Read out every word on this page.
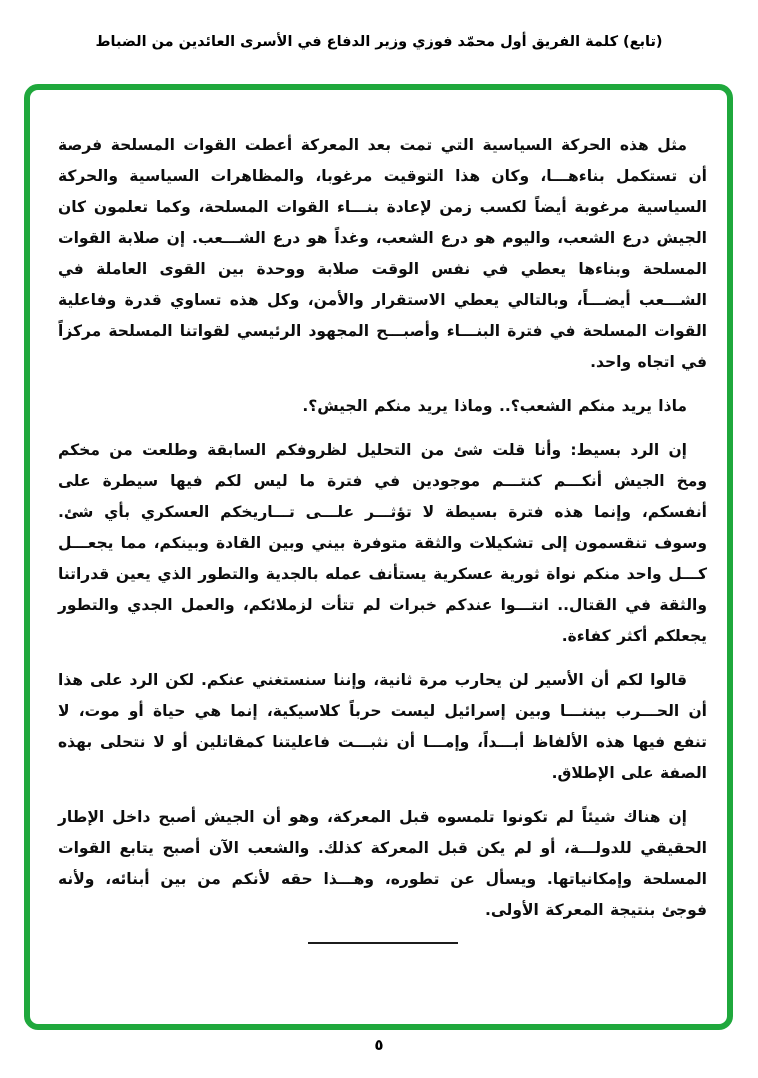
(تابع) كلمة الفريق أول محمّد فوزي وزير الدفاع في الأسرى العائدين من الضباط

مثل هذه الحركة السياسية التي تمت بعد المعركة أعطت القوات المسلحة فرصة أن تستكمل بناءهـــا، وكان هذا التوقيت مرغوبا، والمظاهرات السياسية والحركة السياسية مرغوبة أيضاً لكسب زمن لإعادة بنـــاء القوات المسلحة، وكما تعلمون كان الجيش درع الشعب، واليوم هو درع الشعب، وغداً هو درع الشـــعب. إن صلابة القوات المسلحة وبناءها يعطي في نفس الوقت صلابة ووحدة بين القوى العاملة في الشـــعب أيضـــاً، وبالتالي يعطي الاستقرار والأمن، وكل هذه تساوي قدرة وفاعلية القوات المسلحة في فترة البنـــاء وأصبـــح المجهود الرئيسي لقواتنا المسلحة مركزاً في اتجاه واحد.

ماذا يريد منكم الشعب؟.. وماذا يريد منكم الجيش؟.

إن الرد بسيط: وأنا قلت شئ من التحليل لظروفكم السابقة وطلعت من مخكم ومخ الجيش أنكـــم كنتـــم موجودين في فترة ما ليس لكم فيها سيطرة على أنفسكم، وإنما هذه فترة بسيطة لا تؤثـــر علـــى تـــاريخكم العسكري بأي شئ. وسوف تنقسمون إلى تشكيلات والثقة متوفرة بيني وبين القادة وبينكم، مما يجعـــل كـــل واحد منكم نواة ثورية عسكرية يستأنف عمله بالجدية والتطور الذي يعين قدراتنا والثقة في القتال.. انتـــوا عندكم خبرات لم تتأت لزملائكم، والعمل الجدي والتطور يجعلكم أكثر كفاءة.

قالوا لكم أن الأسير لن يحارب مرة ثانية، وإننا سنستغني عنكم. لكن الرد على هذا أن الحـــرب بيننـــا وبين إسرائيل ليست حرباً كلاسيكية، إنما هي حياة أو موت، لا تنفع فيها هذه الألفاظ أبـــداً، وإمـــا أن نثبـــت فاعليتنا كمقاتلين أو لا نتحلى بهذه الصفة على الإطلاق.

إن هناك شيئاً لم تكونوا تلمسوه قبل المعركة، وهو أن الجيش أصبح داخل الإطار الحقيقي للدولـــة، أو لم يكن قبل المعركة كذلك. والشعب الآن أصبح يتابع القوات المسلحة وإمكانياتها. ويسأل عن تطوره، وهـــذا حقه لأنكم من بين أبنائه، ولأنه فوجئ بنتيجة المعركة الأولى.

٥
